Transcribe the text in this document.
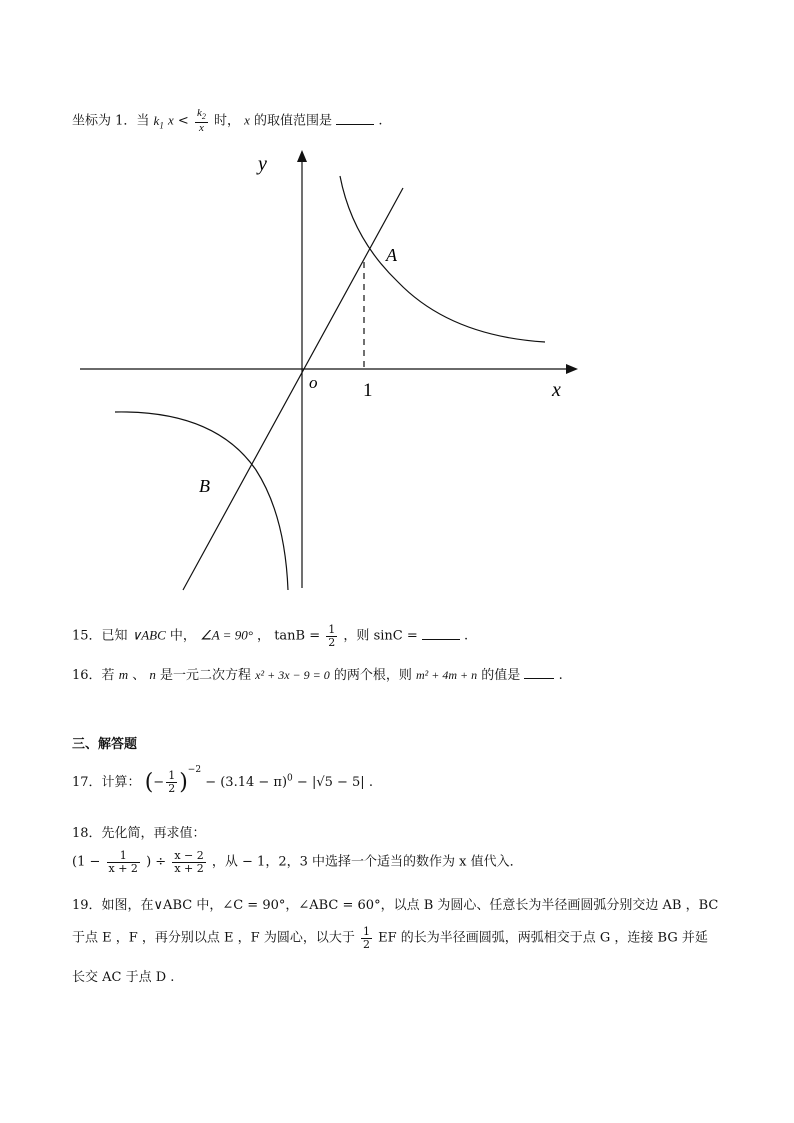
坐标为 1．当 $k_1$ $x < \frac{k_2}{x}$ 时， x 的取值范围是	.
y
x
o 1
A
B
15．已知 ∨ABC 中， ∠A = 90° ， $\tan B = \frac{1}{2}$ ，则 sinC =	.
16．若 m 、 n 是一元二次方程 x² + 3x − 9 = 0 的两个根，则 m² + 4m + n 的值是	.
三、解答题
17．计算： (− $\frac{1}{2} )^{-2} - (3.14 - \pi)^0 - |√5 - 5|$ .
18．先化简，再求值：
($1 - \frac{1}{x + 2}$ ) ÷ $\frac{x - 2}{x + 2}$ ，从 − 1，2，3 中选择一个适当的数作为 x 值代入．
19．如图，在∨ABC 中，∠C = 90°，∠ABC = 60°，以点 B 为圆心、任意长为半径画圆弧分别交边 AB ，BC
于点 E ，F ，再分别以点 E ，F 为圆心，以大于 $\frac{1}{2}$ EF 的长为半径画圆弧，两弧相交于点 G ，连接 BG 并延
长交 AC 于点 D .
